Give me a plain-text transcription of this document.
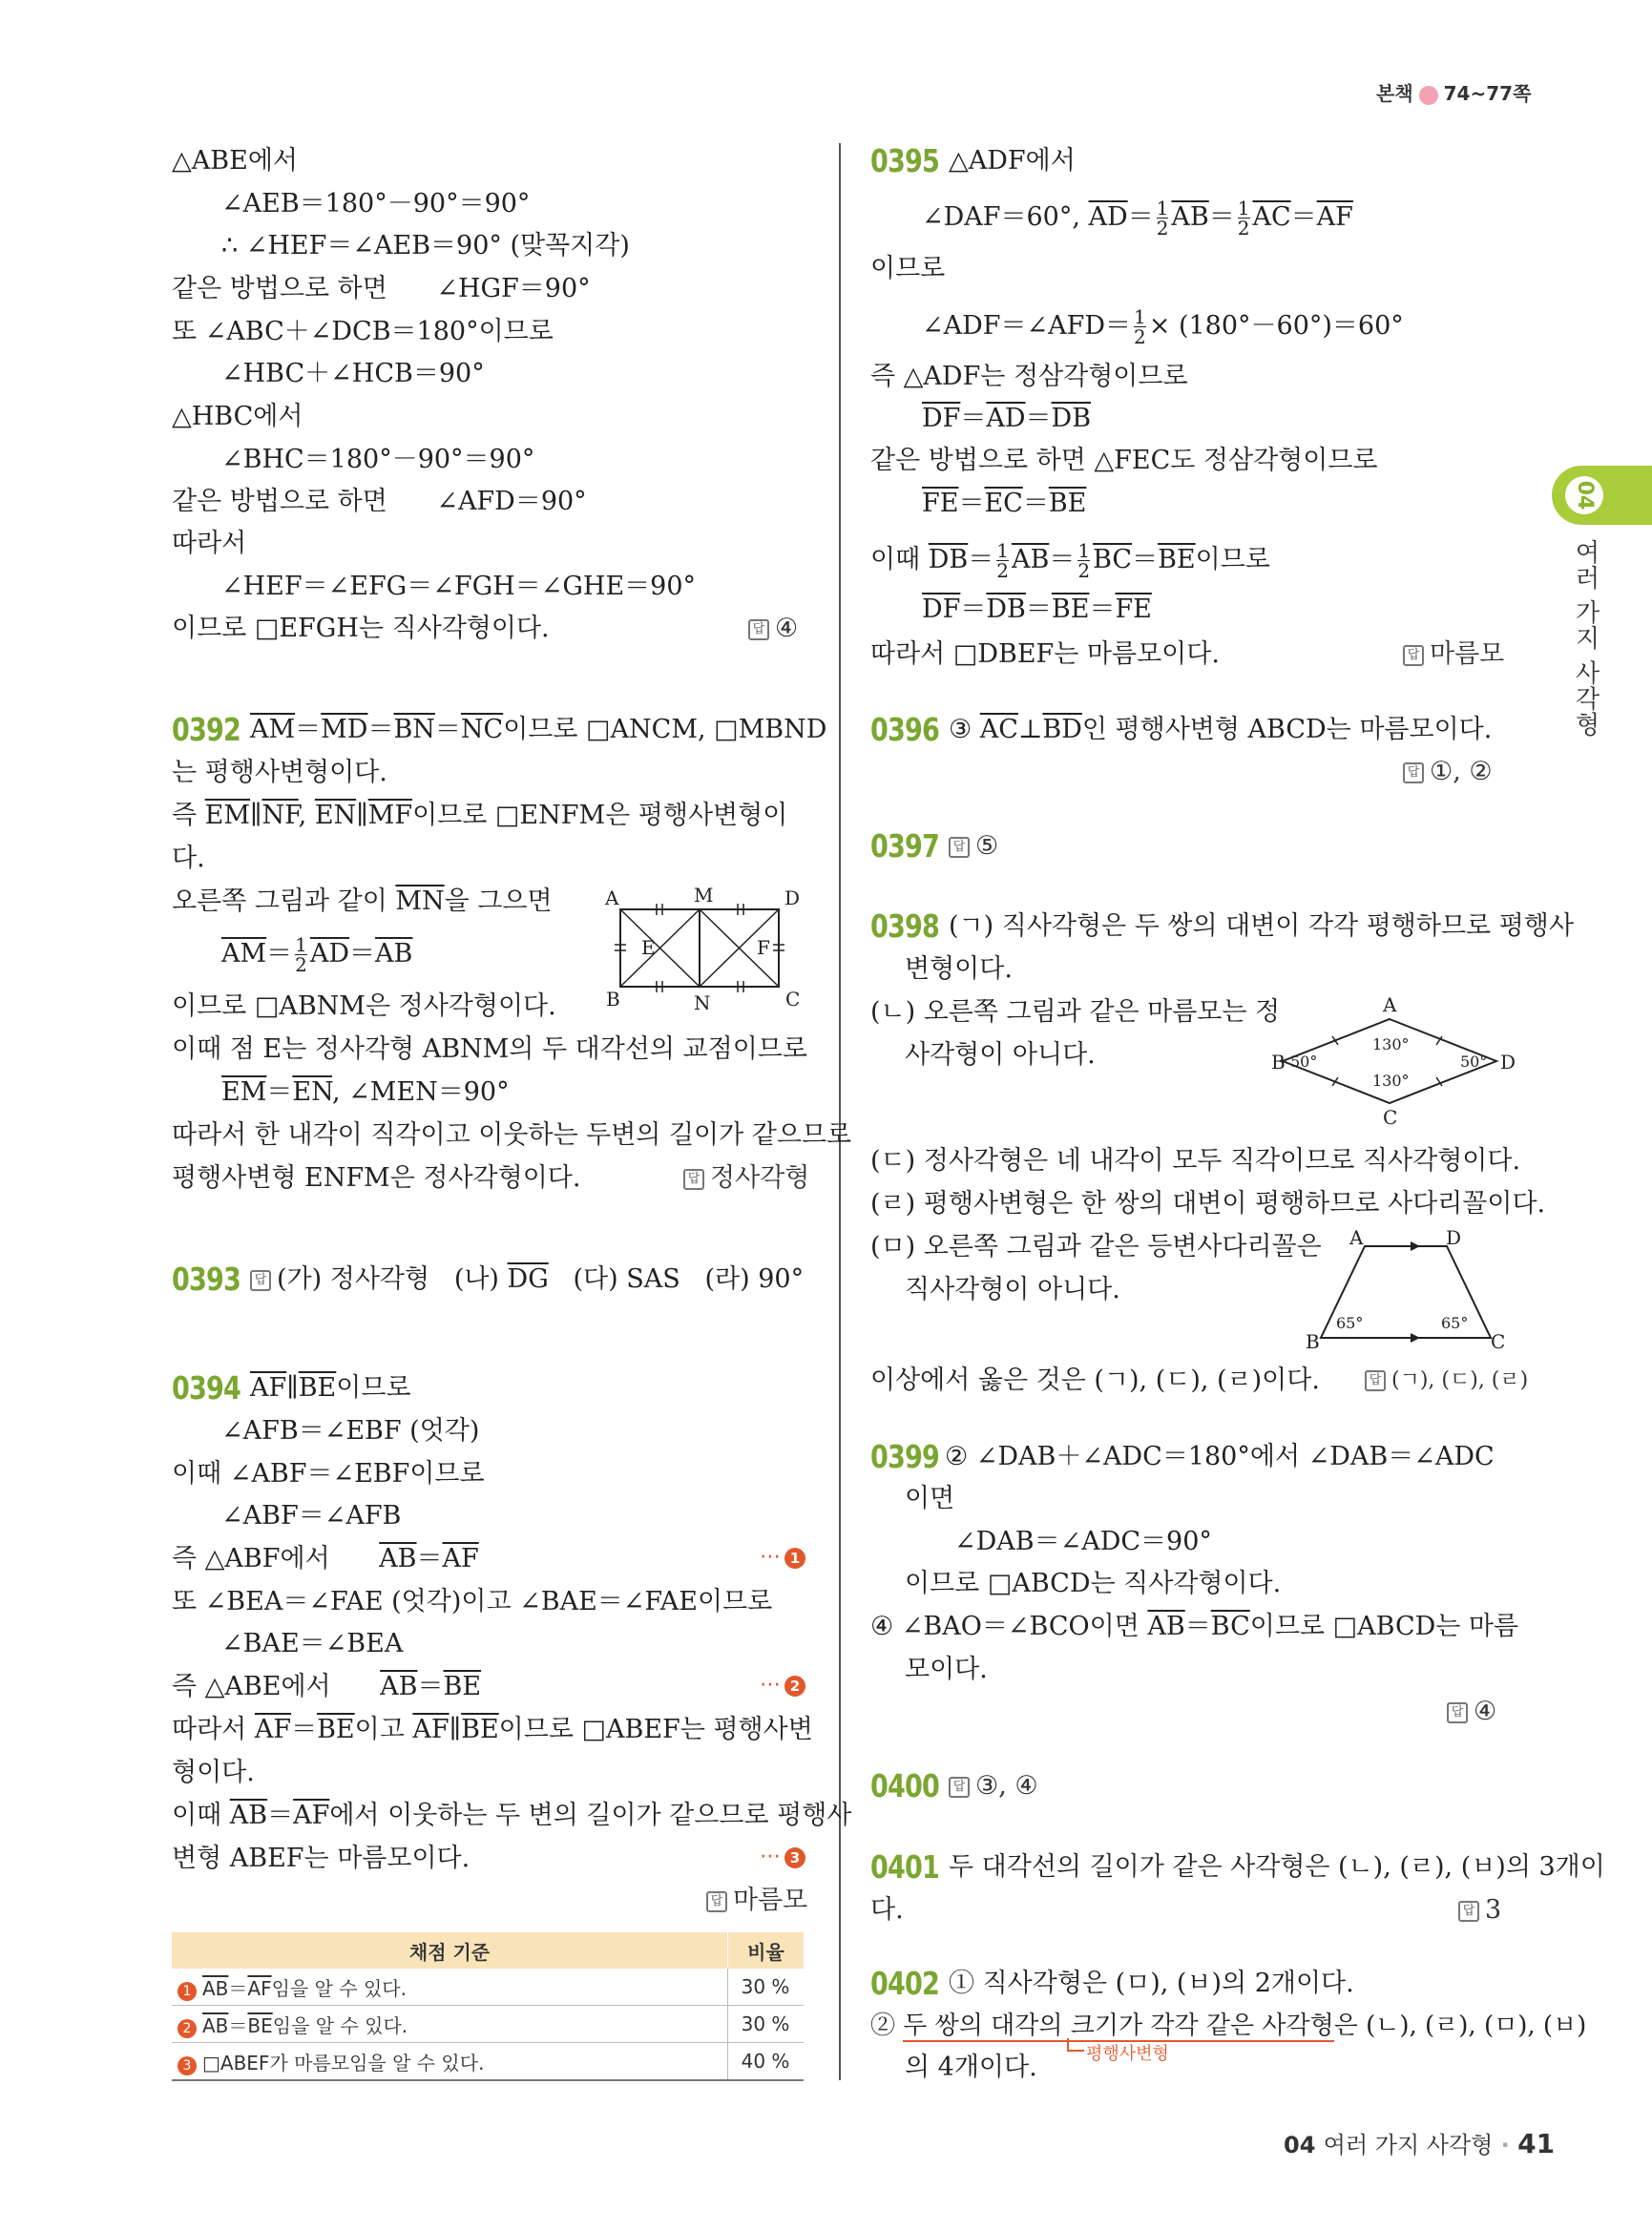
본책 74~77쪽
04
여러 가지 사각형
△ABE에서
∠AEB＝180°－90°＝90°
∴ ∠HEF＝∠AEB＝90° (맞꼭지각)
같은 방법으로 하면      ∠HGF＝90°
또 ∠ABC＋∠DCB＝180°이므로
∠HBC＋∠HCB＝90°
△HBC에서
∠BHC＝180°－90°＝90°
같은 방법으로 하면      ∠AFD＝90°
따라서
∠HEF＝∠EFG＝∠FGH＝∠GHE＝90°
이므로 □EFGH는 직사각형이다. 답	④
0392 $\overline{AM}=\overline{MD}=\overline{BN}=\overline{NC}$이므로 □ANCM, □MBND
는 평행사변형이다.
즉 $\overline{EM}\parallel\overline{NF}$, $\overline{EN}\parallel\overline{MF}$이므로 □ENFM은 평행사변형이
다.
오른쪽 그림과 같이 $\overline{MN}$을 그으면
$\overline{AM}= \frac{1}{2} \overline{AD}=\overline{AB}$
이므로 □ABNM은 정사각형이다.
이때 점 E는 정사각형 ABNM의 두 대각선의 교점이므로
$\overline{EM}=\overline{EN}$, ∠MEN＝90°
따라서 한 내각이 직각이고 이웃하는 두변의 길이가 같으므로
평행사변형 ENFM은 정사각형이다. 답	정사각형
A	M	D
E	F
B	N	C
0393 답	(가) 정사각형 (나) $\overline{DG}$ (다) SAS (라) 90°
0394 $\overline{AF}\parallel\overline{BE}$이므로
∠AFB＝∠EBF (엇각)
이때 ∠ABF＝∠EBF이므로
∠ABF＝∠AFB
즉 △ABF에서      $\overline{AB}=\overline{AF}$	⋯ 1
또 ∠BEA＝∠FAE (엇각)이고 ∠BAE＝∠FAE이므로
∠BAE＝∠BEA
즉 △ABE에서      $\overline{AB}=\overline{BE}$	⋯ 2
따라서 $\overline{AF}=\overline{BE}$이고 $\overline{AF}\parallel\overline{BE}$이므로 □ABEF는 평행사변
형이다.
이때 $\overline{AB}=\overline{AF}$에서 이웃하는 두 변의 길이가 같으므로 평행사
변형 ABEF는 마름모이다.	⋯ 3
답마름모
채점 기준	비율
1 $\overline{AB}=\overline{AF}$임을 알 수 있다.	30 %
2 $\overline{AB}=\overline{BE}$임을 알 수 있다.	30 %
3 □ABEF가 마름모임을 알 수 있다.	40 %
0395 △ADF에서
∠DAF＝60°, $\overline{AD}= \frac{1}{2} \overline{AB}= \frac{1}{2} \overline{AC}=\overline{AF}$
이므로
∠ADF＝∠AFD＝ $\frac{1}{2} \times (180^\circ-60^\circ)=60^\circ$
즉 △ADF는 정삼각형이므로
$\overline{DF}=\overline{AD}=\overline{DB}$
같은 방법으로 하면 △FEC도 정삼각형이므로
$\overline{FE}=\overline{EC}=\overline{BE}$
이때 $\overline{DB}= \frac{1}{2} \overline{AB}= \frac{1}{2} \overline{BC}=\overline{BE}$이므로
$\overline{DF}=\overline{DB}=\overline{BE}=\overline{FE}$
따라서 □DBEF는 마름모이다. 답	마름모
0396 ③ $\overline{AC}\perp\overline{BD}$인 평행사변형 ABCD는 마름모이다.
답①, ②
0397 답	⑤
0398 (ㄱ) 직사각형은 두 쌍의 대변이 각각 평행하므로 평행사
변형이다.
(ㄴ) 오른쪽 그림과 같은 마름모는 정
사각형이 아니다.
A
B
C
D
130°
50°	50°
130°
(ㄷ) 정사각형은 네 내각이 모두 직각이므로 직사각형이다.
(ㄹ) 평행사변형은 한 쌍의 대변이 평행하므로 사다리꼴이다.
(ㅁ) 오른쪽 그림과 같은 등변사다리꼴은
직사각형이 아니다.
A	D
B	C
65°	65°
이상에서 옳은 것은 (ㄱ), (ㄷ), (ㄹ)이다. 답	(ㄱ), (ㄷ), (ㄹ)
0399 ② ∠DAB＋∠ADC＝180°에서 ∠DAB＝∠ADC
이면
∠DAB＝∠ADC＝90°
이므로 □ABCD는 직사각형이다.
④ ∠BAO＝∠BCO이면 $\overline{AB}=\overline{BC}$이므로 □ABCD는 마름
모이다.
답④
0400 답	③, ④
0401 두 대각선의 길이가 같은 사각형은 (ㄴ), (ㄹ), (ㅂ)의 3개이
다. 답	3
0402 ① 직사각형은 (ㅁ), (ㅂ)의 2개이다.
② 두 쌍의 대각의 크기가 각각 같은 사각형은 (ㄴ), (ㄹ), (ㅁ), (ㅂ)
평행사변형
의 4개이다.
04 여러 가지 사각형 · 41
